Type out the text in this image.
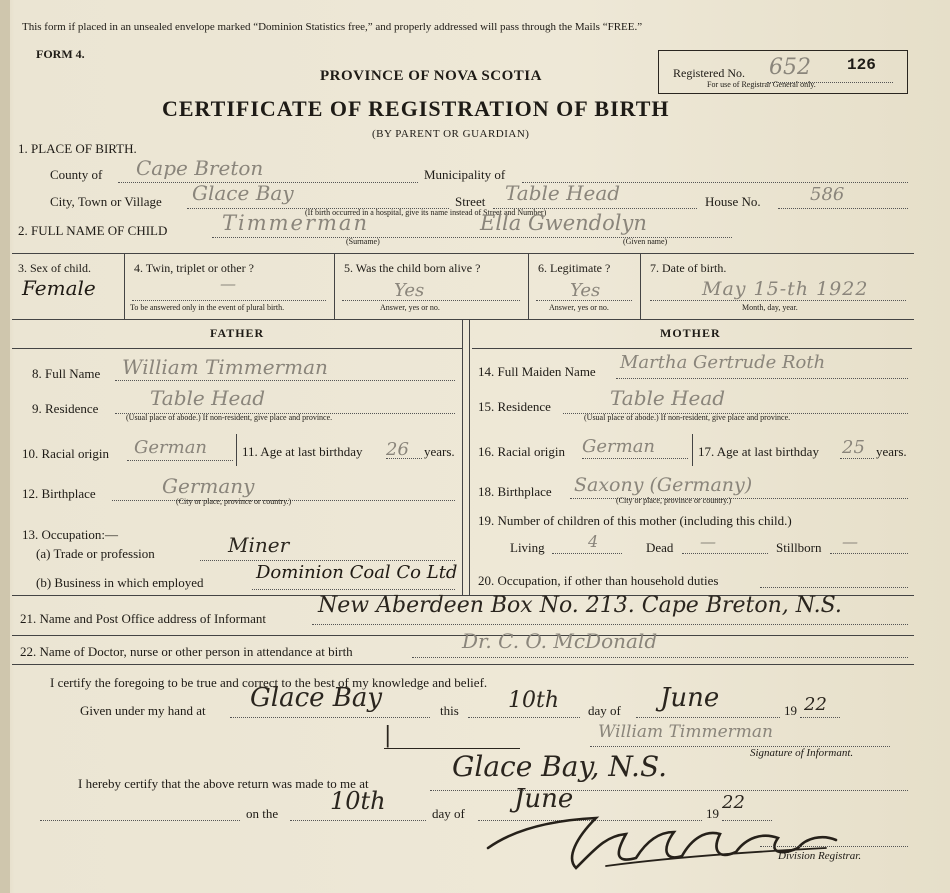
This form if placed in an unsealed envelope marked “Dominion Statistics free,” and properly addressed will pass through the Mails “FREE.”
FORM 4.
PROVINCE OF NOVA SCOTIA
CERTIFICATE OF REGISTRATION OF BIRTH
(BY PARENT OR GUARDIAN)
Registered No. 652 126
For use of Registrar General only.
1. PLACE OF BIRTH.
County of Cape Breton	Municipality of
City, Town or Village Glace Bay	Street Table Head	House No.	586
(If birth occurred in a hospital, give its name instead of Street and Number)
2. FULL NAME OF CHILD	Timmerman	Ella Gwendolyn
(Surname)	(Given name)
3. Sex of child.
Female
4. Twin, triplet or other ?
—
To be answered only in the event of plural birth.
5. Was the child born alive ?
Yes
Answer, yes or no.
6. Legitimate ?
Yes
Answer, yes or no.
7. Date of birth.
May 15-th 1922
Month, day, year.
FATHER	MOTHER
8. Full Name William Timmerman
9. Residence	Table Head
(Usual place of abode.) If non-resident, give place and province.
10. Racial origin German	11. Age at last birthday 26 years.
12. Birthplace	Germany
(City or place, province or country.)
13. Occupation:—
(a) Trade or profession	Miner
(b) Business in which employed	Dominion Coal Co Ltd
14. Full Maiden Name Martha Gertrude Roth
15. Residence	Table Head
(Usual place of abode.) If non-resident, give place and province.
16. Racial origin German	17. Age at last birthday 25 years.
18. Birthplace Saxony (Germany)
(City or place, province or country.)
19. Number of children of this mother (including this child.)
Living	4	Dead —	Stillborn —
20. Occupation, if other than household duties
21. Name and Post Office address of Informant
New Aberdeen Box No. 213. Cape Breton, N.S.
22. Name of Doctor, nurse or other person in attendance at birth	Dr. C. O. McDonald
I certify the foregoing to be true and correct to the best of my knowledge and belief.
Given under my hand at Glace Bay	this 10th day of June	19 22
|	William Timmerman
Signature of Informant.
I hereby certify that the above return was made to me at
Glace Bay, N.S.
on the 10th	day of June	19
22
Division Registrar.
